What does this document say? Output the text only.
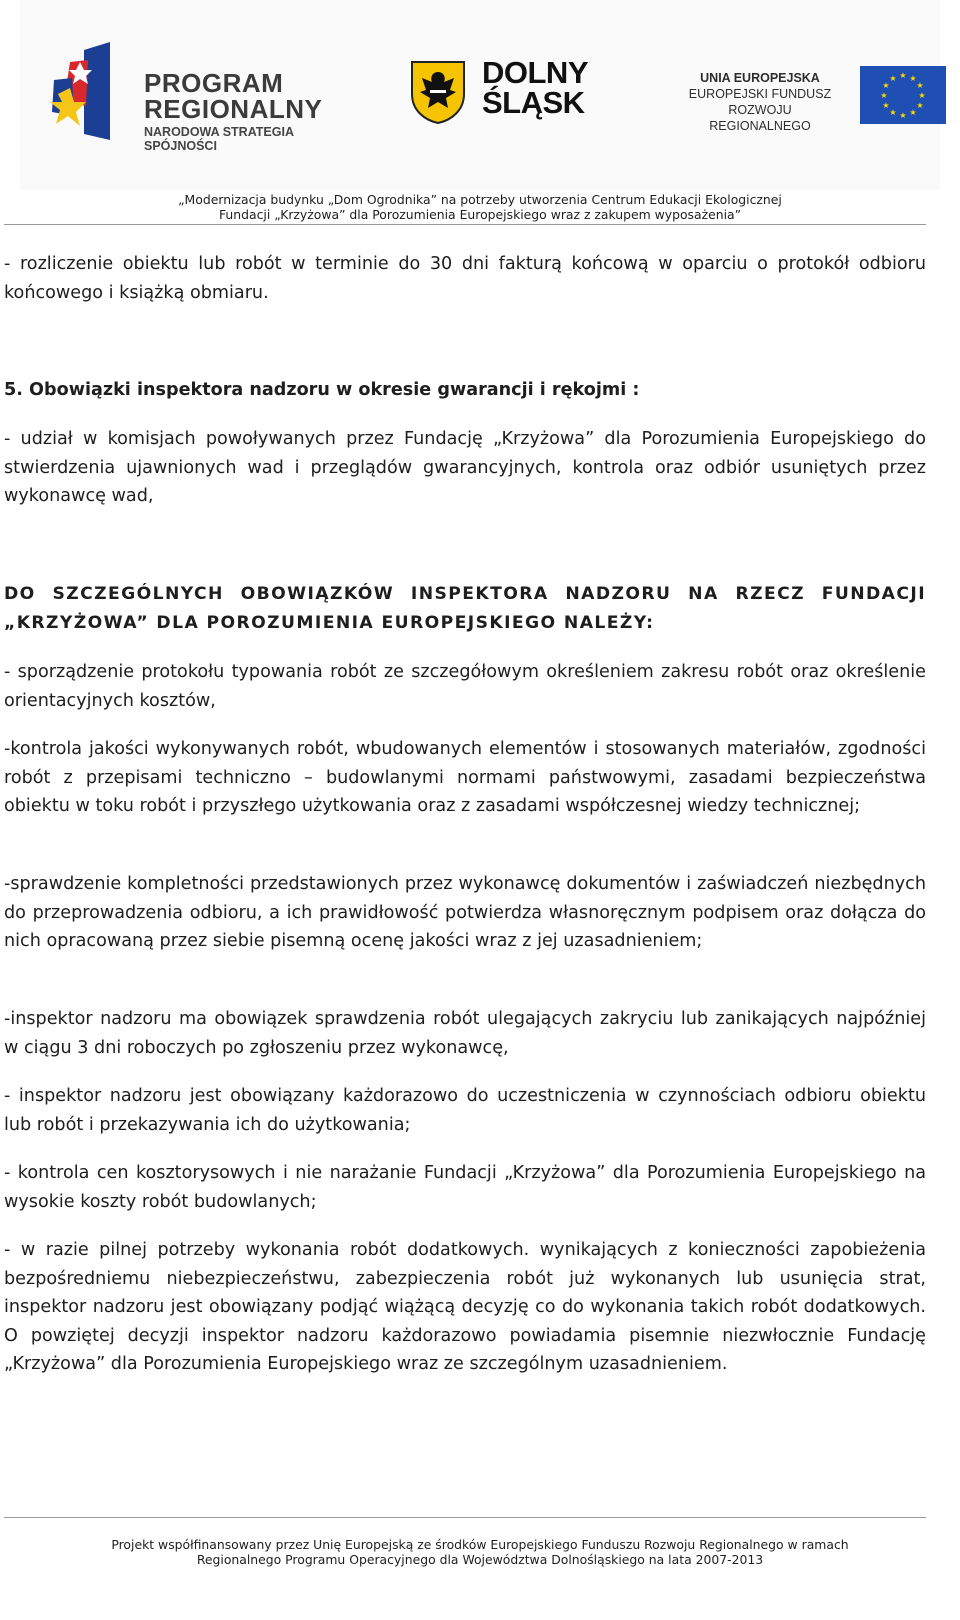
PROGRAM
REGIONALNY
NARODOWA STRATEGIA SPÓJNOŚCI
DOLNY
ŚLĄSK
UNIA EUROPEJSKA
EUROPEJSKI FUNDUSZ
ROZWOJU REGIONALNEGO
★ ★
★
★
★
★
★
★
★
★
★
★
„Modernizacja budynku „Dom Ogrodnika” na potrzeby utworzenia Centrum Edukacji Ekologicznej
Fundacji „Krzyżowa” dla Porozumienia Europejskiego wraz z zakupem wyposażenia”

- rozliczenie obiektu lub robót w terminie do 30 dni fakturą końcową w oparciu o protokół odbioru końcowego i książką obmiaru.

5. Obowiązki inspektora nadzoru w okresie gwarancji i rękojmi :

- udział w komisjach powoływanych przez Fundację „Krzyżowa” dla Porozumienia Europejskiego do stwierdzenia ujawnionych wad i przeglądów gwarancyjnych, kontrola oraz odbiór usuniętych przez wykonawcę wad,

DO SZCZEGÓLNYCH OBOWIĄZKÓW INSPEKTORA NADZORU NA RZECZ FUNDACJI „KRZYŻOWA” DLA POROZUMIENIA EUROPEJSKIEGO NALEŻY:

- sporządzenie protokołu typowania robót ze szczegółowym określeniem zakresu robót oraz określenie orientacyjnych kosztów,

-kontrola jakości wykonywanych robót, wbudowanych elementów i stosowanych materiałów, zgodności robót z przepisami techniczno – budowlanymi normami państwowymi, zasadami bezpieczeństwa obiektu w toku robót i przyszłego użytkowania oraz z zasadami współczesnej wiedzy technicznej;

-sprawdzenie kompletności przedstawionych przez wykonawcę dokumentów i zaświadczeń niezbędnych do przeprowadzenia odbioru, a ich prawidłowość potwierdza własnoręcznym podpisem oraz dołącza do nich opracowaną przez siebie pisemną ocenę jakości wraz z jej uzasadnieniem;

-inspektor nadzoru ma obowiązek sprawdzenia robót ulegających zakryciu lub zanikających najpóźniej w ciągu 3 dni roboczych po zgłoszeniu przez wykonawcę,

- inspektor nadzoru jest obowiązany każdorazowo do uczestniczenia w czynnościach odbioru obiektu lub robót i przekazywania ich do użytkowania;

- kontrola cen kosztorysowych i nie narażanie Fundacji „Krzyżowa” dla Porozumienia Europejskiego na wysokie koszty robót budowlanych;

- w razie pilnej potrzeby wykonania robót dodatkowych. wynikających z konieczności zapobieżenia bezpośredniemu niebezpieczeństwu, zabezpieczenia robót już wykonanych lub usunięcia strat, inspektor nadzoru jest obowiązany podjąć wiążącą decyzję co do wykonania takich robót dodatkowych. O powziętej decyzji inspektor nadzoru każdorazowo powiadamia pisemnie niezwłocznie Fundację „Krzyżowa” dla Porozumienia Europejskiego wraz ze szczególnym uzasadnieniem.

Projekt współfinansowany przez Unię Europejską ze środków Europejskiego Funduszu Rozwoju Regionalnego w ramach
Regionalnego Programu Operacyjnego dla Województwa Dolnośląskiego na lata 2007-2013
